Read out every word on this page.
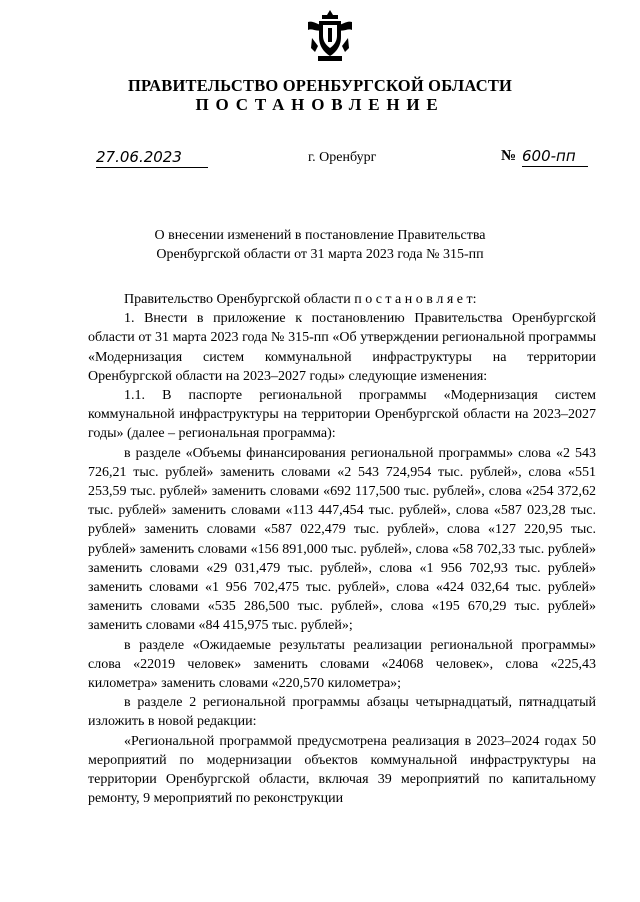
ПРАВИТЕЛЬСТВО ОРЕНБУРГСКОЙ ОБЛАСТИ
ПОСТАНОВЛЕНИЕ
27.06.2023	г. Оренбург	№ 600-пп
О внесении изменений в постановление Правительства
Оренбургской области от 31 марта 2023 года № 315-пп

Правительство Оренбургской области п о с т а н о в л я е т:

1. Внести в приложение к постановлению Правительства Оренбургской области от 31 марта 2023 года № 315-пп «Об утверждении региональной программы «Модернизация систем коммунальной инфраструктуры на территории Оренбургской области на 2023–2027 годы» следующие изменения:

1.1. В паспорте региональной программы «Модернизация систем коммунальной инфраструктуры на территории Оренбургской области на 2023–2027 годы» (далее – региональная программа):

в разделе «Объемы финансирования региональной программы» слова «2 543 726,21 тыс. рублей» заменить словами «2 543 724,954 тыс. рублей», слова «551 253,59 тыс. рублей» заменить словами «692 117,500 тыс. рублей», слова «254 372,62 тыс. рублей» заменить словами «113 447,454 тыс. рублей», слова «587 023,28 тыс. рублей» заменить словами «587 022,479 тыс. рублей», слова «127 220,95 тыс. рублей» заменить словами «156 891,000 тыс. рублей», слова «58 702,33 тыс. рублей» заменить словами «29 031,479 тыс. рублей», слова «1 956 702,93 тыс. рублей» заменить словами «1 956 702,475 тыс. рублей», слова «424 032,64 тыс. рублей» заменить словами «535 286,500 тыс. рублей», слова «195 670,29 тыс. рублей» заменить словами «84 415,975 тыс. рублей»;

в разделе «Ожидаемые результаты реализации региональной программы» слова «22019 человек» заменить словами «24068 человек», слова «225,43 километра» заменить словами «220,570 километра»;

в разделе 2 региональной программы абзацы четырнадцатый, пятнадцатый изложить в новой редакции:

«Региональной программой предусмотрена реализация в 2023–2024 годах 50 мероприятий по модернизации объектов коммунальной инфраструктуры на территории Оренбургской области, включая 39 мероприятий по капитальному ремонту, 9 мероприятий по реконструкции
